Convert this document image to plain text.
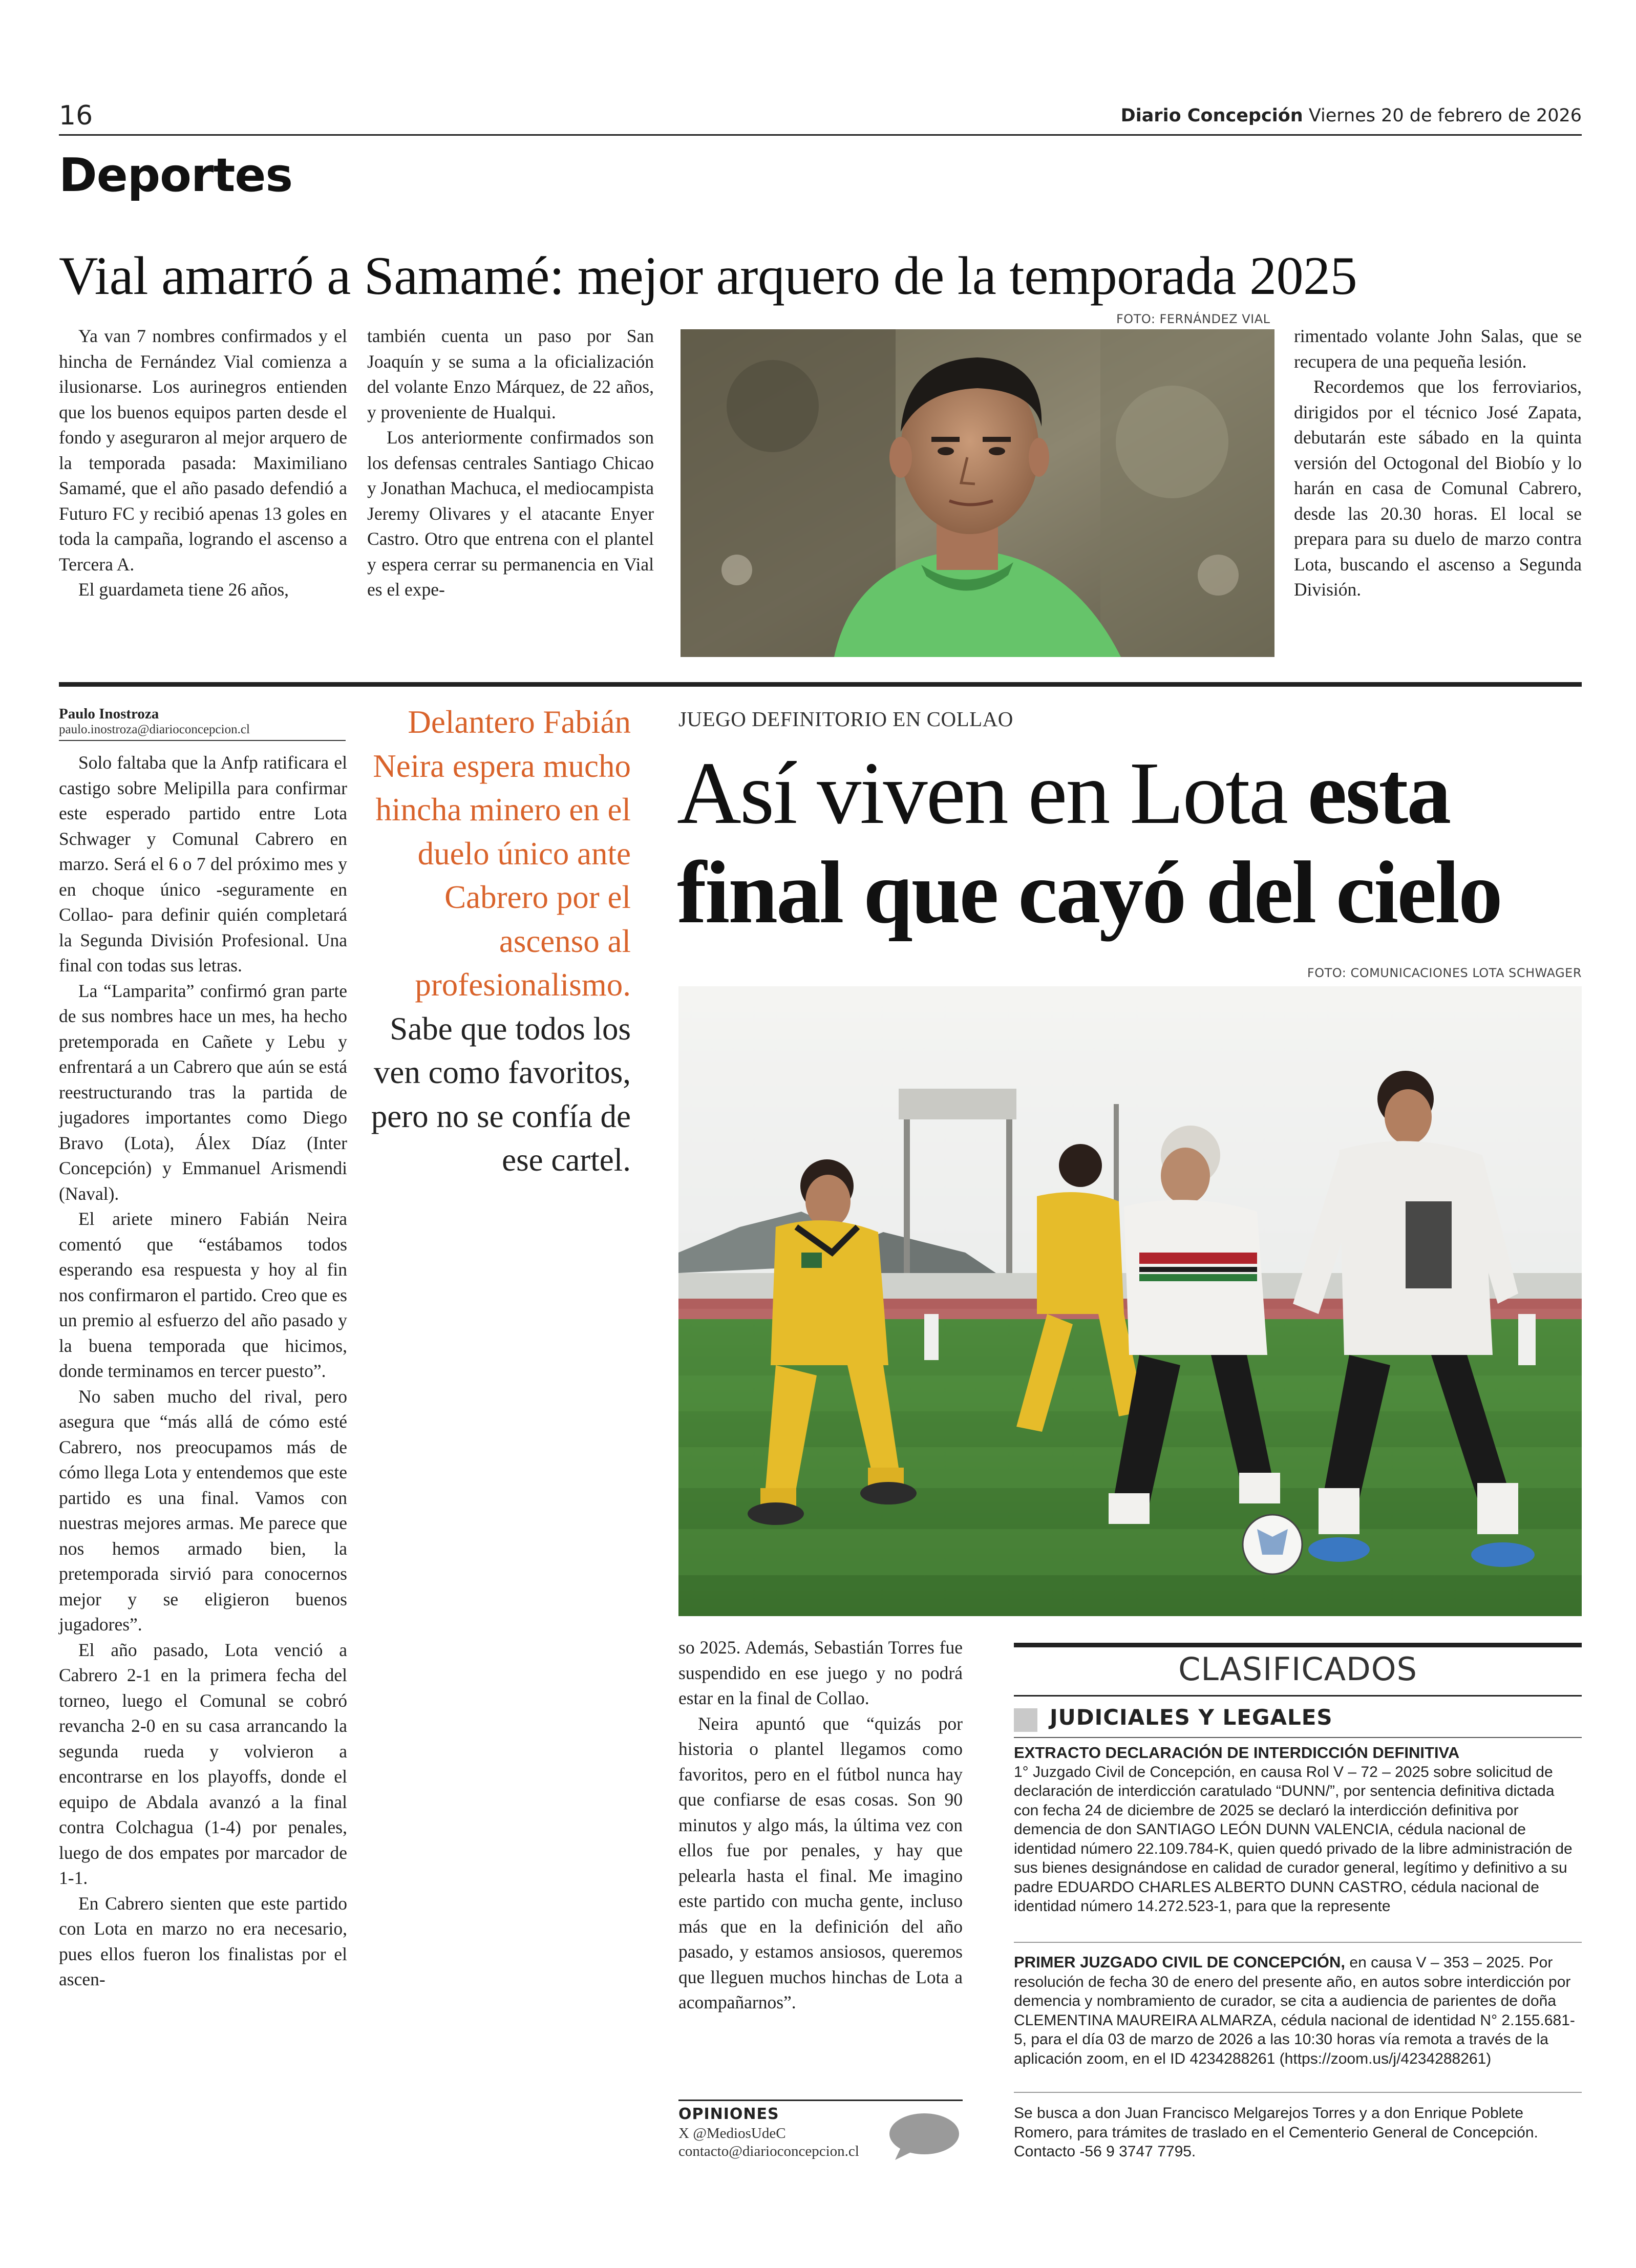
16	Diario Concepción Viernes 20 de febrero de 2026
Deportes
Vial amarró a Samamé: mejor arquero de la temporada 2025

Ya van 7 nombres confirmados y el hincha de Fernández Vial comienza a ilusionarse. Los aurinegros entienden que los buenos equipos parten desde el fondo y aseguraron al mejor arquero de la temporada pasada: Maximiliano Samamé, que el año pasado defendió a Futuro FC y recibió apenas 13 goles en toda la campaña, logrando el ascenso a Tercera A.

El guardameta tiene 26 años,

también cuenta un paso por San Joaquín y se suma a la oficialización del volante Enzo Márquez, de 22 años, y proveniente de Hualqui.

Los anteriormente confirmados son los defensas centrales Santiago Chicao y Jonathan Machuca, el mediocampista Jeremy Olivares y el atacante Enyer Castro. Otro que entrena con el plantel y espera cerrar su permanencia en Vial es el expe-

FOTO: FERNÁNDEZ VIAL

rimentado volante John Salas, que se recupera de una pequeña lesión.

Recordemos que los ferroviarios, dirigidos por el técnico José Zapata, debutarán este sábado en la quinta versión del Octogonal del Biobío y lo harán en casa de Comunal Cabrero, desde las 20.30 horas. El local se prepara para su duelo de marzo contra Lota, buscando el ascenso a Segunda División.

Paulo Inostroza
paulo.inostroza@diarioconcepcion.cl

Solo faltaba que la Anfp ratificara el castigo sobre Melipilla para confirmar este esperado partido entre Lota Schwager y Comunal Cabrero en marzo. Será el 6 o 7 del próximo mes y en choque único -seguramente en Collao- para definir quién completará la Segunda División Profesional. Una final con todas sus letras.

La “Lamparita” confirmó gran parte de sus nombres hace un mes, ha hecho pretemporada en Cañete y Lebu y enfrentará a un Cabrero que aún se está reestructurando tras la partida de jugadores importantes como Diego Bravo (Lota), Álex Díaz (Inter Concepción) y Emmanuel Arismendi (Naval).

El ariete minero Fabián Neira comentó que “estábamos todos esperando esa respuesta y hoy al fin nos confirmaron el partido. Creo que es un premio al esfuerzo del año pasado y la buena temporada que hicimos, donde terminamos en tercer puesto”.

No saben mucho del rival, pero asegura que “más allá de cómo esté Cabrero, nos preocupamos más de cómo llega Lota y entendemos que este partido es una final. Vamos con nuestras mejores armas. Me parece que nos hemos armado bien, la pretemporada sirvió para conocernos mejor y se eligieron buenos jugadores”.

El año pasado, Lota venció a Cabrero 2-1 en la primera fecha del torneo, luego el Comunal se cobró revancha 2-0 en su casa arrancando la segunda rueda y volvieron a encontrarse en los playoffs, donde el equipo de Abdala avanzó a la final contra Colchagua (1-4) por penales, luego de dos empates por marcador de 1-1.

En Cabrero sienten que este partido con Lota en marzo no era necesario, pues ellos fueron los finalistas por el ascen-

Delantero Fabián Neira espera mucho hincha minero en el duelo único ante Cabrero por el ascenso al profesionalismo. Sabe que todos los ven como favoritos, pero no se confía de ese cartel.
JUEGO DEFINITORIO EN COLLAO
Así viven en Lota esta
final que cayó del cielo
FOTO: COMUNICACIONES LOTA SCHWAGER

so 2025. Además, Sebastián Torres fue suspendido en ese juego y no podrá estar en la final de Collao.

Neira apuntó que “quizás por historia o plantel llegamos como favoritos, pero en el fútbol nunca hay que confiarse de esas cosas. Son 90 minutos y algo más, la última vez con ellos fue por penales, y hay que pelearla hasta el final. Me imagino este partido con mucha gente, incluso más que en la definición del año pasado, y estamos ansiosos, queremos que lleguen muchos hinchas de Lota a acompañarnos”.

OPINIONES
X @MediosUdeC
contacto@diarioconcepcion.cl
CLASIFICADOS
JUDICIALES Y LEGALES
EXTRACTO DECLARACIÓN DE INTERDICCIÓN DEFINITIVA
1° Juzgado Civil de Concepción, en causa Rol V – 72 – 2025 sobre solicitud de declaración de interdicción caratulado “DUNN/”, por sentencia definitiva dictada con fecha 24 de diciembre de 2025 se declaró la interdicción definitiva por demencia de don SANTIAGO LEÓN DUNN VALENCIA, cédula nacional de identidad número 22.109.784-K, quien quedó privado de la libre administración de sus bienes designándose en calidad de curador general, legítimo y definitivo a su padre EDUARDO CHARLES ALBERTO DUNN CASTRO, cédula nacional de identidad número 14.272.523-1, para que la represente
PRIMER JUZGADO CIVIL DE CONCEPCIÓN, en causa V – 353 – 2025. Por resolución de fecha 30 de enero del presente año, en autos sobre interdicción por demencia y nombramiento de curador, se cita a audiencia de parientes de doña CLEMENTINA MAUREIRA ALMARZA, cédula nacional de identidad N° 2.155.681-5, para el día 03 de marzo de 2026 a las 10:30 horas vía remota a través de la aplicación zoom, en el ID 4234288261 (https://zoom.us/j/4234288261)
Se busca a don Juan Francisco Melgarejos Torres y a don Enrique Poblete Romero, para trámites de traslado en el Cementerio General de Concepción. Contacto -56 9 3747 7795.
